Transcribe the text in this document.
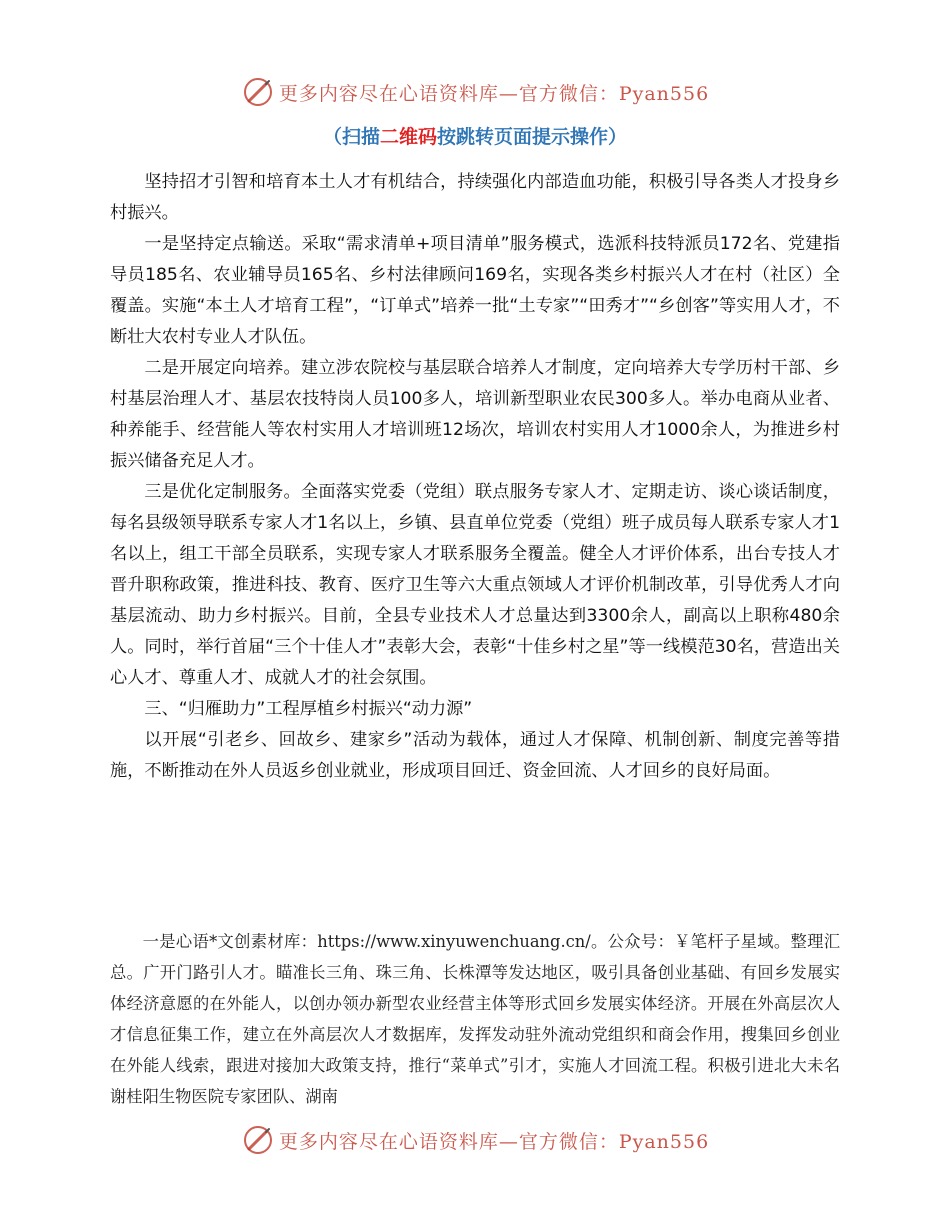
更多内容尽在心语资料库—官方微信：Pyan556
（扫描二维码按跳转页面提示操作）

坚持招才引智和培育本土人才有机结合，持续强化内部造血功能，积极引导各类人才投身乡村振兴。

一是坚持定点输送。采取“需求清单+项目清单”服务模式，选派科技特派员172名、党建指导员185名、农业辅导员165名、乡村法律顾问169名，实现各类乡村振兴人才在村（社区）全覆盖。实施“本土人才培育工程”，“订单式”培养一批“土专家”“田秀才”“乡创客”等实用人才，不断壮大农村专业人才队伍。

二是开展定向培养。建立涉农院校与基层联合培养人才制度，定向培养大专学历村干部、乡村基层治理人才、基层农技特岗人员100多人，培训新型职业农民300多人。举办电商从业者、种养能手、经营能人等农村实用人才培训班12场次，培训农村实用人才1000余人，为推进乡村振兴储备充足人才。

三是优化定制服务。全面落实党委（党组）联点服务专家人才、定期走访、谈心谈话制度，每名县级领导联系专家人才1名以上，乡镇、县直单位党委（党组）班子成员每人联系专家人才1名以上，组工干部全员联系，实现专家人才联系服务全覆盖。健全人才评价体系，出台专技人才晋升职称政策，推进科技、教育、医疗卫生等六大重点领域人才评价机制改革，引导优秀人才向基层流动、助力乡村振兴。目前，全县专业技术人才总量达到3300余人，副高以上职称480余人。同时，举行首届“三个十佳人才”表彰大会，表彰“十佳乡村之星”等一线模范30名，营造出关心人才、尊重人才、成就人才的社会氛围。

三、“归雁助力”工程厚植乡村振兴“动力源”

以开展“引老乡、回故乡、建家乡”活动为载体，通过人才保障、机制创新、制度完善等措施，不断推动在外人员返乡创业就业，形成项目回迁、资金回流、人才回乡的良好局面。

一是心语*文创素材库：https://www.xinyuwenchuang.cn/。公众号：￥笔杆子星域。整理汇总。广开门路引人才。瞄准长三角、珠三角、长株潭等发达地区，吸引具备创业基础、有回乡发展实体经济意愿的在外能人，以创办领办新型农业经营主体等形式回乡发展实体经济。开展在外高层次人才信息征集工作，建立在外高层次人才数据库，发挥发动驻外流动党组织和商会作用，搜集回乡创业在外能人线索，跟进对接加大政策支持，推行“菜单式”引才，实施人才回流工程。积极引进北大未名谢桂阳生物医院专家团队、湖南

更多内容尽在心语资料库—官方微信：Pyan556
